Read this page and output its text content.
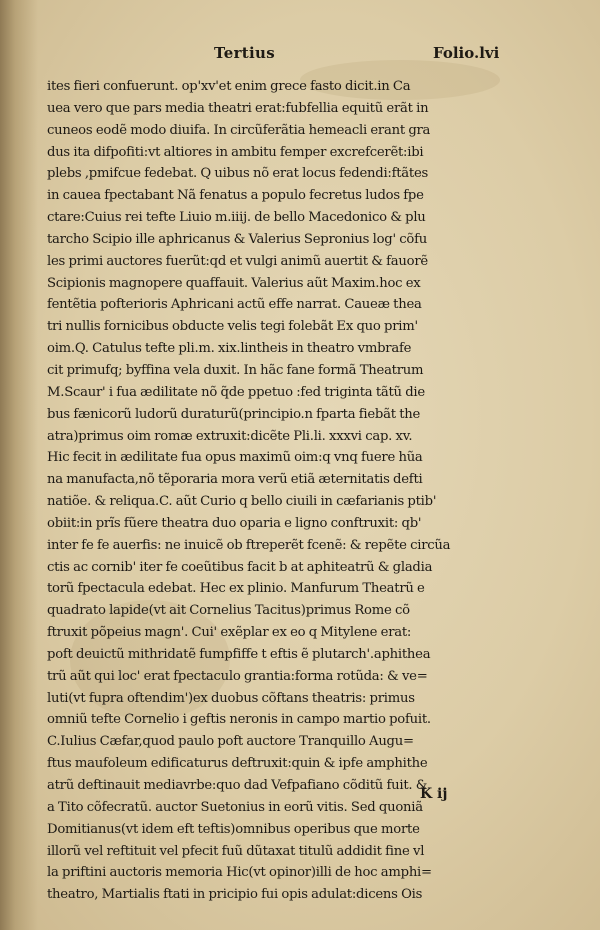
Tertius	Folio.lvi
ites fieri confuerunt. op'xv'et enim grece fasto dicit.in Ca
uea vero que pars media theatri erat:fubfellia equitũ erãt in
cuneos eodẽ modo diuifa. In circũferãtia hemeacli erant gra
dus ita difpofiti:vt altiores in ambitu femper excrefcerẽt:ibi
plebs ,pmifcue fedebat. Q uibus nõ erat locus fedendi:ftãtes
in cauea fpectabant Nã fenatus a populo fecretus ludos fpe
ctare:Cuius rei tefte Liuio m.iiij. de bello Macedonico & plu
tarcho Scipio ille aphricanus & Valerius Sepronius log' cõfu
les primi auctores fuerũt:qd et vulgi animũ auertit & fauorẽ
Scipionis magnopere quaffauit. Valerius aũt Maxim.hoc ex
fentẽtia pofterioris Aphricani actũ effe narrat. Caueæ thea
tri nullis fornicibus obducte velis tegi folebãt Ex quo prim'
oim.Q. Catulus tefte pli.m. xix.lintheis in theatro vmbrafe
cit primufq; byffina vela duxit. In hãc fane formã Theatrum
M.Scaur' i fua ædilitate nõ q̃de ppetuo :fed triginta tãtũ die
bus fænicorũ ludorũ duraturũ(principio.n fparta fiebãt the
atra)primus oim romæ extruxit:dicẽte Pli.li. xxxvi cap. xv.
Hic fecit in ædilitate fua opus maximũ oim:q vnq fuere hũa
na manufacta,nõ tẽporaria mora verũ etiã æternitatis defti
natiõe. & reliqua.C. aũt Curio q bello ciuili in cæfarianis ptib'
obiit:in prĩs fũere theatra duo oparia e ligno conftruxit: qb'
inter fe fe auerfis: ne inuicẽ ob ftreperẽt fcenẽ: & repẽte circũa
ctis ac cornib' iter fe coeũtibus facit b at aphiteatrũ & gladia
torũ fpectacula edebat. Hec ex plinio. Manfurum Theatrũ e
quadrato lapide(vt ait Cornelius Tacitus)primus Rome cõ
ftruxit põpeius magn'. Cui' exẽplar ex eo q Mitylene erat:
poft deuictũ mithridatẽ fumpfiffe t eftis ẽ plutarch'.aphithea
trũ aũt qui loc' erat fpectaculo grantia:forma rotũda: & ve=
luti(vt fupra oftendim')ex duobus cõftans theatris: primus
omniũ tefte Cornelio i geftis neronis in campo martio pofuit.
C.Iulius Cæfar,quod paulo poft auctore Tranquillo Augu=
ftus maufoleum edificaturus deftruxit:quin & ipfe amphithe
atrũ deftinauit mediavrbe:quo dad Vefpafiano cõditũ fuit. &
a Tito cõfecratũ. auctor Suetonius in eorũ vitis. Sed quoniã
Domitianus(vt idem eft teftis)omnibus operibus que morte
illorũ vel reftituit vel pfecit fuũ dũtaxat titulũ addidit fine vl
la priftini auctoris memoria Hic(vt opinor)illi de hoc amphi=
theatro, Martialis ftati in pricipio fui opis adulat:dicens Ois
K ij
